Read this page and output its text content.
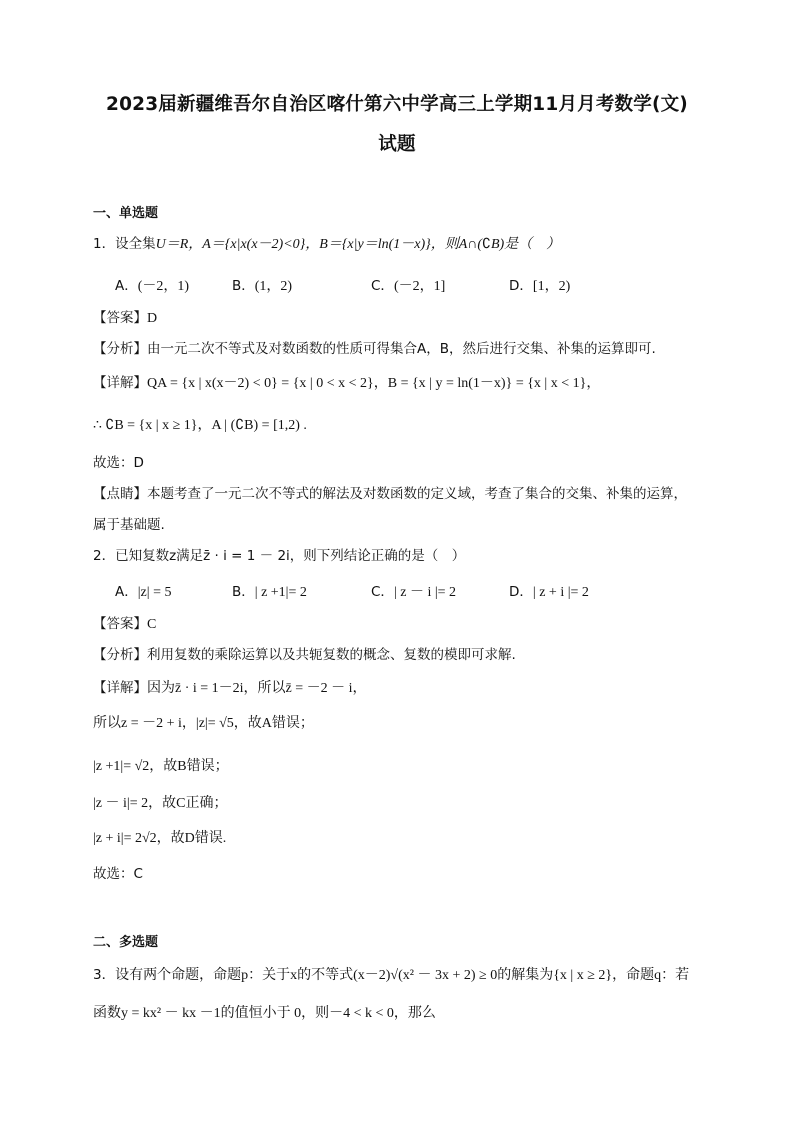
2023届新疆维吾尔自治区喀什第六中学高三上学期11月月考数学(文)
试题
一、单选题
1．设全集U＝R，A＝{x|x(x－2)<0}，B＝{x|y＝ln(1－x)}，则A∩(∁B)是（　）
A．(－2，1)	B．(1，2)	C．(－2，1]	D．[1，2)
【答案】D
【分析】由一元二次不等式及对数函数的性质可得集合A，B，然后进行交集、补集的运算即可.
【详解】QA = {x | x(x－2) < 0} = {x | 0 < x < 2}，B = {x | y = ln(1－x)} = {x | x < 1}，
∴ ∁B = {x | x ≥ 1}，A | (∁B) = [1,2) .
故选：D
【点睛】本题考查了一元二次不等式的解法及对数函数的定义域，考查了集合的交集、补集的运算，
属于基础题.
2．已知复数z满足z̄ · i = 1 － 2i，则下列结论正确的是（　）
A．|z| = 5	B．| z +1|= 2	C．| z － i |= 2	D．| z + i |= 2
【答案】C
【分析】利用复数的乘除运算以及共轭复数的概念、复数的模即可求解.
【详解】因为z̄ · i = 1－2i，所以z̄ = －2 － i，
所以z = －2 + i，|z|= √5，故A错误；
|z +1|= √2，故B错误；
|z － i|= 2，故C正确；
|z + i|= 2√2，故D错误.
故选：C
二、多选题
3．设有两个命题，命题p：关于x的不等式(x－2)√(x² － 3x + 2) ≥ 0的解集为{x | x ≥ 2}，命题q：若
函数y = kx² － kx －1的值恒小于 0，则－4 < k < 0，那么
